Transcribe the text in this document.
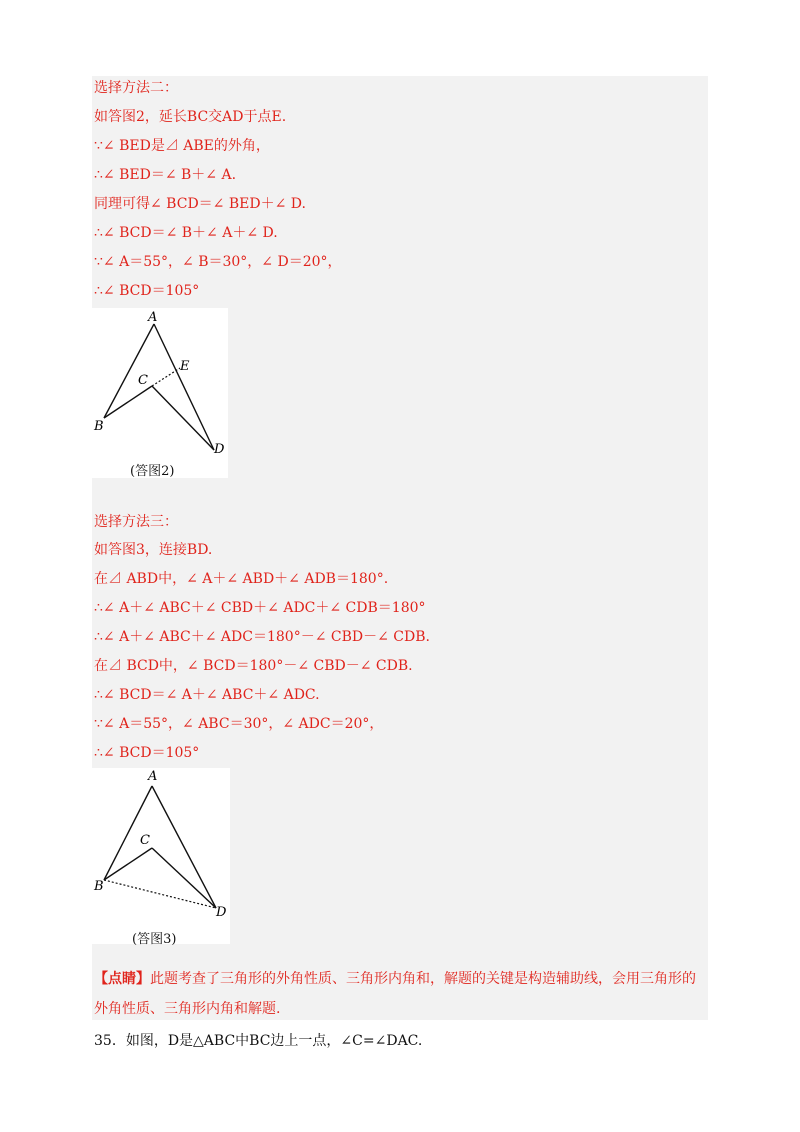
选择方法二：
如答图2，延长BC交AD于点E.
∵∠ BED是⊿ ABE的外角，
∴∠ BED＝∠ B＋∠ A.
同理可得∠ BCD＝∠ BED＋∠ D.
∴∠ BCD＝∠ B＋∠ A＋∠ D.
∵∠ A＝55°，∠ B＝30°，∠ D＝20°，
∴∠ BCD＝105°
A
B
C
D
E
(答图2)
选择方法三：
如答图3，连接BD.
在⊿ ABD中，∠ A＋∠ ABD＋∠ ADB＝180°.
∴∠ A＋∠ ABC＋∠ CBD＋∠ ADC＋∠ CDB＝180°
∴∠ A＋∠ ABC＋∠ ADC＝180°－∠ CBD－∠ CDB.
在⊿ BCD中，∠ BCD＝180°－∠ CBD－∠ CDB.
∴∠ BCD＝∠ A＋∠ ABC＋∠ ADC.
∵∠ A＝55°，∠ ABC＝30°，∠ ADC＝20°，
∴∠ BCD＝105°
A
B
C
D
(答图3)
【点睛】此题考查了三角形的外角性质、三角形内角和，解题的关键是构造辅助线，会用三角形的外角性质、三角形内角和解题.
35．如图，D是△ABC中BC边上一点，∠C=∠DAC.
